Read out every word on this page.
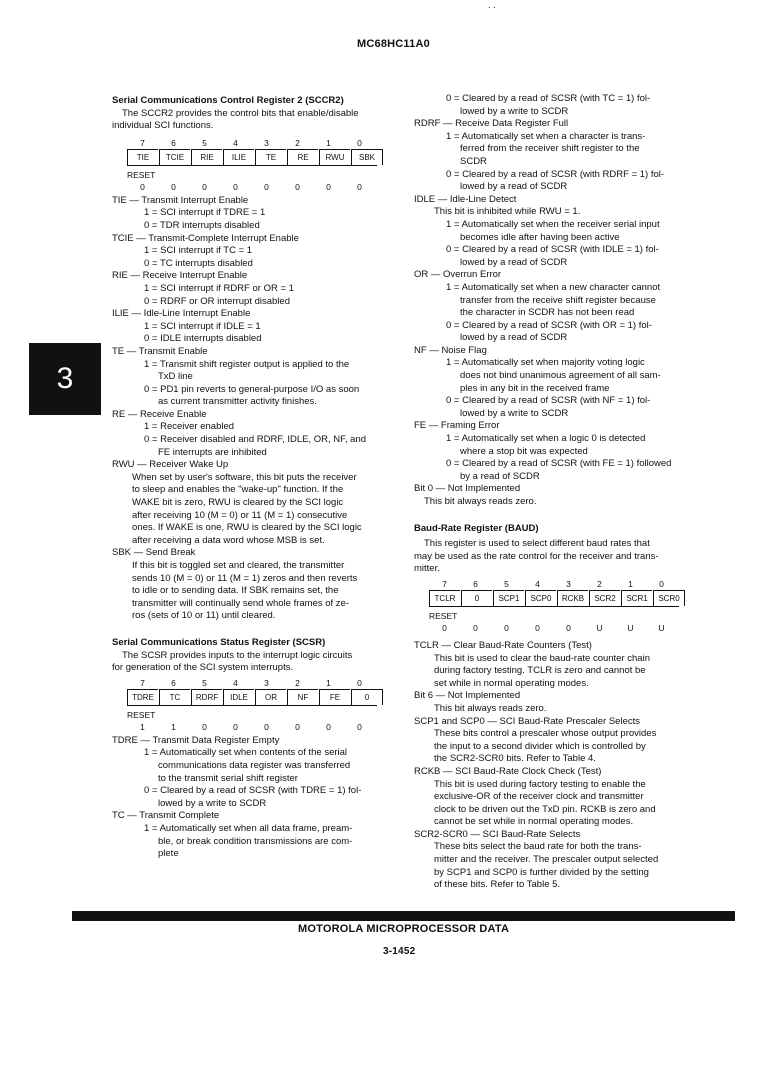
. .
MC68HC11A0
3

Serial Communications Control Register 2 (SCCR2)

The SCCR2 provides the control bits that enable/disable

individual SCI functions.

7	6	5	4	3	2	1	0
TIE	TCIE	RIE	ILIE	TE	RE	RWU	SBK
RESET
0	0	0	0	0	0	0	0

TIE — Transmit Interrupt Enable

1 = SCI interrupt if TDRE = 1

0 = TDR interrupts disabled

TCIE — Transmit-Complete Interrupt Enable

1 = SCI interrupt if TC = 1

0 = TC interrupts disabled

RIE — Receive Interrupt Enable

1 = SCI interrupt if RDRF or OR = 1

0 = RDRF or OR interrupt disabled

ILIE — Idle-Line Interrupt Enable

1 = SCI interrupt if IDLE = 1

0 = IDLE interrupts disabled

TE — Transmit Enable

1 = Transmit shift register output is applied to the

TxD line

0 = PD1 pin reverts to general-purpose I/O as soon

as current transmitter activity finishes.

RE — Receive Enable

1 = Receiver enabled

0 = Receiver disabled and RDRF, IDLE, OR, NF, and

FE interrupts are inhibited

RWU — Receiver Wake Up

When set by user's software, this bit puts the receiver

to sleep and enables the "wake-up" function. If the

WAKE bit is zero, RWU is cleared by the SCI logic

after receiving 10 (M = 0) or 11 (M = 1) consecutive

ones. If WAKE is one, RWU is cleared by the SCI logic

after receiving a data word whose MSB is set.

SBK — Send Break

If this bit is toggled set and cleared, the transmitter

sends 10 (M = 0) or 11 (M = 1) zeros and then reverts

to idle or to sending data. If SBK remains set, the

transmitter will continually send whole frames of ze-

ros (sets of 10 or 11) until cleared.

Serial Communications Status Register (SCSR)

The SCSR provides inputs to the interrupt logic circuits

for generation of the SCI system interrupts.

7	6	5	4	3	2	1	0
TDRE	TC	RDRF	IDLE	OR	NF	FE	0
RESET
1	1	0	0	0	0	0	0

TDRE — Transmit Data Register Empty

1 = Automatically set when contents of the serial

communications data register was transferred

to the transmit serial shift register

0 = Cleared by a read of SCSR (with TDRE = 1) fol-

lowed by a write to SCDR

TC — Transmit Complete

1 = Automatically set when all data frame, pream-

ble, or break condition transmissions are com-

plete

0 = Cleared by a read of SCSR (with TC = 1) fol-

lowed by a write to SCDR

RDRF — Receive Data Register Full

1 = Automatically set when a character is trans-

ferred from the receiver shift register to the

SCDR

0 = Cleared by a read of SCSR (with RDRF = 1) fol-

lowed by a read of SCDR

IDLE — Idle-Line Detect

This bit is inhibited while RWU = 1.

1 = Automatically set when the receiver serial input

becomes idle after having been active

0 = Cleared by a read of SCSR (with IDLE = 1) fol-

lowed by a read of SCDR

OR — Overrun Error

1 = Automatically set when a new character cannot

transfer from the receive shift register because

the character in SCDR has not been read

0 = Cleared by a read of SCSR (with OR = 1) fol-

lowed by a read of SCDR

NF — Noise Flag

1 = Automatically set when majority voting logic

does not bind unanimous agreement of all sam-

ples in any bit in the received frame

0 = Cleared by a read of SCSR (with NF = 1) fol-

lowed by a write to SCDR

FE — Framing Error

1 = Automatically set when a logic 0 is detected

where a stop bit was expected

0 = Cleared by a read of SCSR (with FE = 1) followed

by a read of SCDR

Bit 0 — Not Implemented

This bit always reads zero.

Baud-Rate Register (BAUD)

This register is used to select different baud rates that

may be used as the rate control for the receiver and trans-

mitter.

7	6	5	4	3	2	1	0
TCLR	0	SCP1	SCP0	RCKB	SCR2	SCR1	SCR0
RESET
0	0	0	0	0	U	U	U

TCLR — Clear Baud-Rate Counters (Test)

This bit is used to clear the baud-rate counter chain

during factory testing. TCLR is zero and cannot be

set while in normal operating modes.

Bit 6 — Not Implemented

This bit always reads zero.

SCP1 and SCP0 — SCI Baud-Rate Prescaler Selects

These bits control a prescaler whose output provides

the input to a second divider which is controlled by

the SCR2-SCR0 bits. Refer to Table 4.

RCKB — SCI Baud-Rate Clock Check (Test)

This bit is used during factory testing to enable the

exclusive-OR of the receiver clock and transmitter

clock to be driven out the TxD pin. RCKB is zero and

cannot be set while in normal operating modes.

SCR2-SCR0 — SCI Baud-Rate Selects

These bits select the baud rate for both the trans-

mitter and the receiver. The prescaler output selected

by SCP1 and SCP0 is further divided by the setting

of these bits. Refer to Table 5.

MOTOROLA MICROPROCESSOR DATA
3-1452
